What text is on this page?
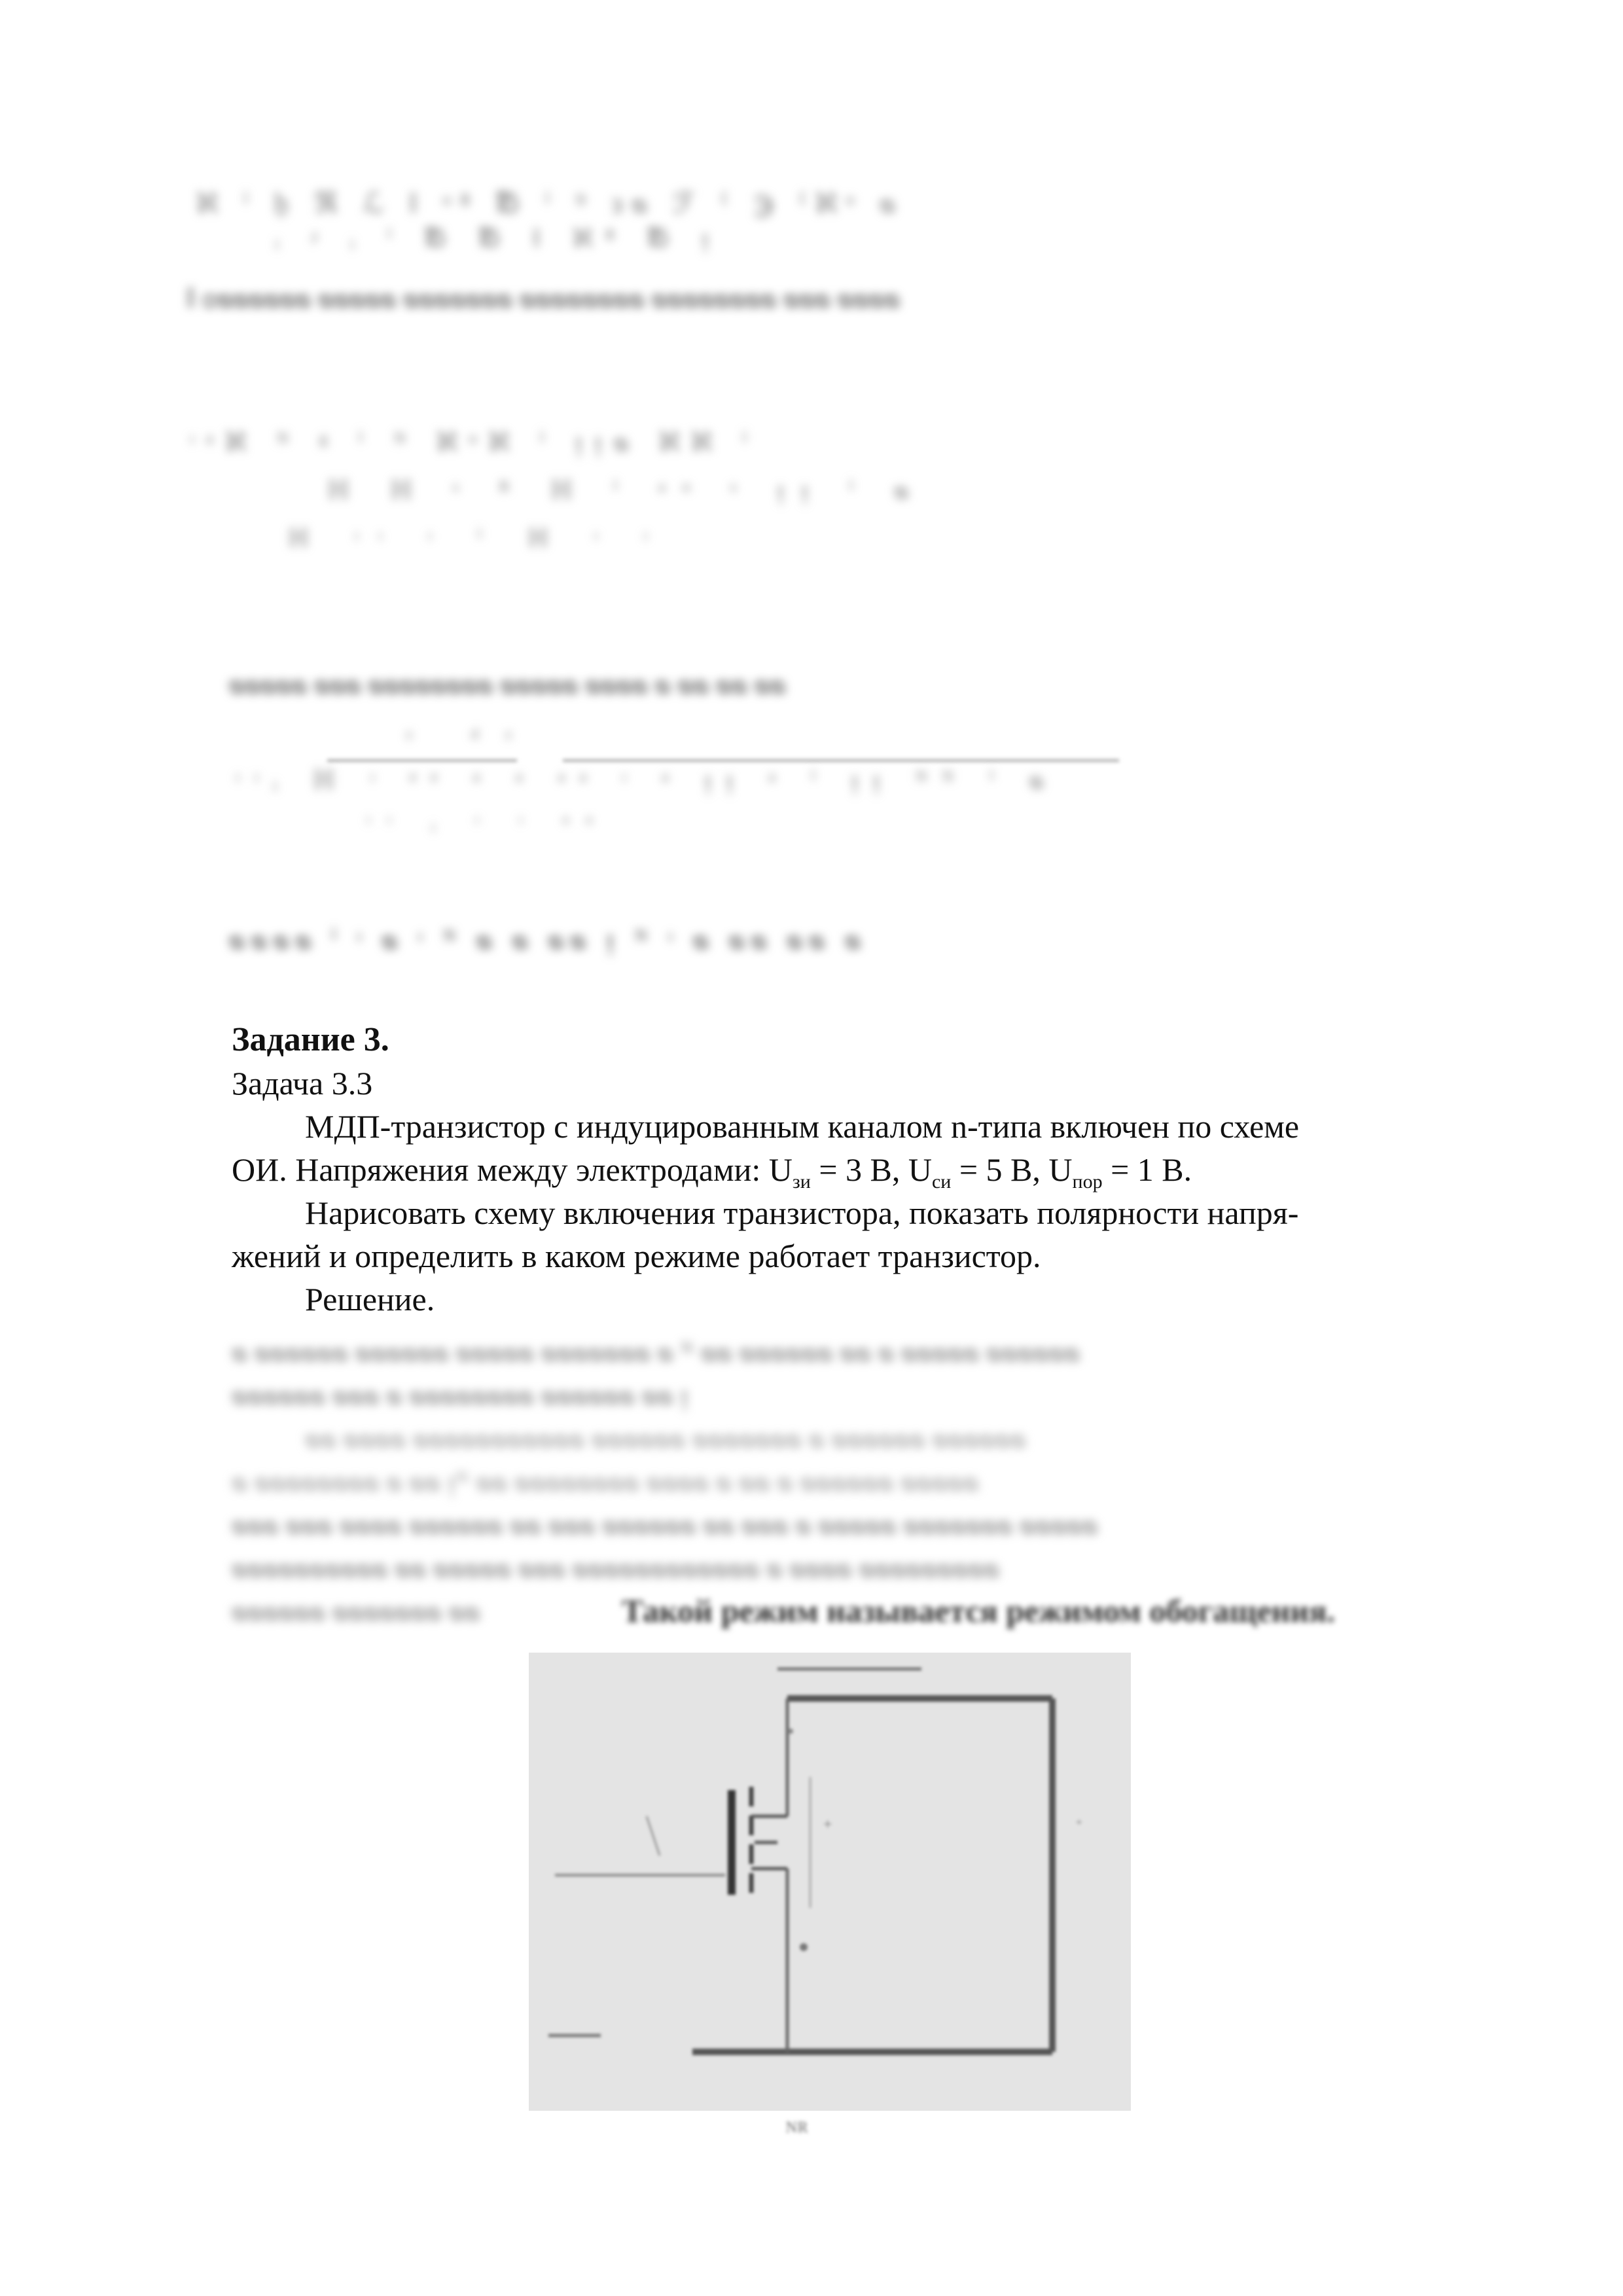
ℵ ⁱ ḥ ℜ ℒ ‖ ᵒ⁸ ℔ ⁱ ⁹ ᴈᴓ ℱ ⁽ ℈ ⁽ℵᵒ ᴓ
ᵢ ᶡ ᵢ ⁱ ℔ ℔ ‖ ℵ⁸ ℔ ᴉ
‖ ᴑᴓᴓᴓᴓᴓᴓ ᴓᴓᴓᴓᴓ ᴓᴓᴓᴓᴓᴓᴓ ᴓᴓᴓᴓᴓᴓᴓᴓ ᴓᴓᴓᴓᴓᴓᴓᴓ ᴓᴓᴓ ᴓᴓᴓᴓ
ᶦᵃℵ ᴺ ᵍ ⁱ ᴺ ℵᵒℵ ⁱ ᴉᴉᴓ ℵℵ ⁱ
ℍ ℍ ˢ ᴿ ℍ ⁱ ᵃᵒ ˢ ᴉᴉ ⁱ ᴓ
ℍ ᶦᶦ ᶦ ⁱ ℍ ᶦ ᶦ
ᴓᴓᴓᴓᴓ ᴓᴓᴓ ᴓᴓᴓᴓᴓᴓᴓᴓ ᴓᴓᴓᴓᴓ ᴓᴓᴓᴓ ᴓ ᴓᴓ ᴓᴓ ᴓᴓ
ᶻ ᵈᶻ
ᶦᶦᵢ ℍ ᶦ ᵉᵉ ᵃ ᵃ ᵃᵃ ᶦ ᵃ ᴉᴉ ᵃ ⁱ ᴉᴉ ᴺᴺ ⁱ ᴓ
ᶦᶦ ᵢ ᶦ ᶦ ᵃᵃ
ᴓᴓᴓᴓ ⁱ ᶦ ᴓ ᶦ ᴺ ᴓ ᴓ ᴓᴓ ᴉ ᴺ ᶦ ᴓ ᴓᴓ ᴓᴓ ᴓ

Задание 3.

Задача 3.3

МДП-транзистор с индуцированным каналом n-типа включен по схеме

ОИ. Напряжения между электродами: $U_{зи} = 3$ В, $U_{си} = 5$ В, $U_{пор} = 1$ В.

Нарисовать схему включения транзистора, показать полярности напря-

жений и определить в каком режиме работает транзистор.

Решение.

ᴓ ᴓᴓᴓᴓᴓᴓ ᴓᴓᴓᴓᴓᴓ ᴓᴓᴓᴓᴓ ᴓᴓᴓᴓᴓᴓᴓ ᴓ ᴺ ᴓᴓ ᴓᴓᴓᴓᴓᴓ ᴓᴓ ᴓ ᴓᴓᴓᴓᴓ ᴓᴓᴓᴓᴓᴓ
ᴓᴓᴓᴓᴓᴓ ᴓᴓᴓ ᴓ ᴓᴓᴓᴓᴓᴓᴓᴓ ᴓᴓᴓᴓᴓᴓ ᴓᴓ ᴉ
ᴓᴓ ᴓᴓᴓᴓ ᴓᴓᴓᴓᴓᴓᴓᴓᴓᴓᴓ ᴓᴓᴓᴓᴓᴓ ᴓᴓᴓᴓᴓᴓᴓ ᴓ ᴓᴓᴓᴓᴓᴓ ᴓᴓᴓᴓᴓᴓ
ᴓ ᴓᴓᴓᴓᴓᴓᴓᴓ ᴓ ᴓᴓ ᴉᴺ ᴓᴓ ᴓᴓᴓᴓᴓᴓᴓᴓ ᴓᴓᴓᴓ ᴓ ᴓᴓ ᴓ ᴓᴓᴓᴓᴓᴓ ᴓᴓᴓᴓᴓ
ᴓᴓᴓ ᴓᴓᴓ ᴓᴓᴓᴓ ᴓᴓᴓᴓᴓᴓ ᴓᴓ ᴓᴓᴓ ᴓᴓᴓᴓᴓᴓ ᴓᴓ ᴓᴓᴓ ᴓ ᴓᴓᴓᴓᴓ ᴓᴓᴓᴓᴓᴓᴓ ᴓᴓᴓᴓᴓ
ᴓᴓᴓᴓᴓᴓᴓᴓᴓᴓ ᴓᴓ ᴓᴓᴓᴓᴓ ᴓᴓᴓ ᴓᴓᴓᴓᴓᴓᴓᴓᴓᴓᴓᴓ ᴓ ᴓᴓᴓᴓ ᴓᴓᴓᴓᴓᴓᴓᴓᴓ
ᴓᴓᴓᴓᴓᴓ ᴓᴓᴓᴓᴓᴓᴓ ᴓᴓ	Такой режим называется режимом обогащения.
+	⁺
ᴺᴿ
